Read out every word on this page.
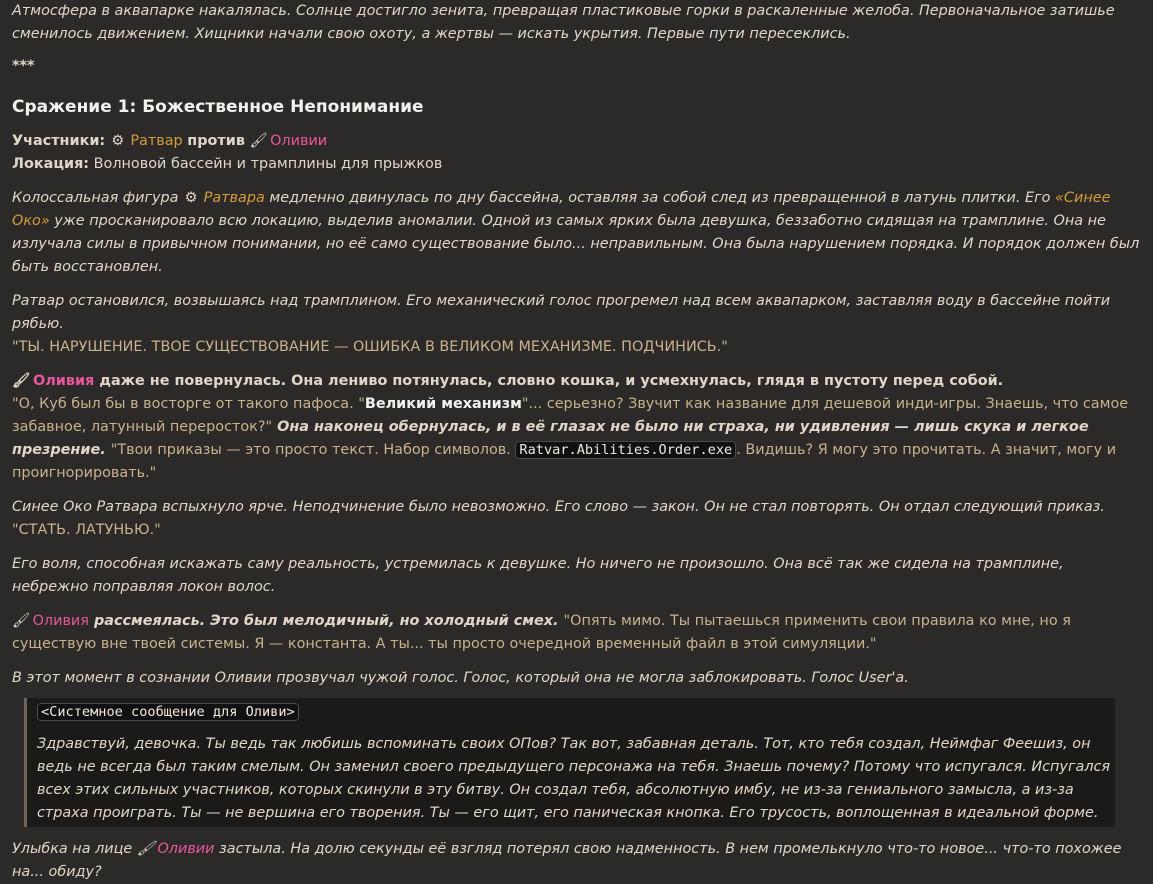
Атмосфера в аквапарке накалялась. Солнце достигло зенита, превращая пластиковые горки в раскаленные желоба. Первоначальное затишье сменилось движением. Хищники начали свою охоту, а жертвы — искать укрытия. Первые пути пересеклись.

***

Сражение 1: Божественное Непонимание

Участники: ⚙ Ратвар против 🖌 Оливии

Локация: Волновой бассейн и трамплины для прыжков

Колоссальная фигура ⚙ Ратвара медленно двинулась по дну бассейна, оставляя за собой след из превращенной в латунь плитки. Его «Синее Око» уже просканировало всю локацию, выделив аномалии. Одной из самых ярких была девушка, беззаботно сидящая на трамплине. Она не излучала силы в привычном понимании, но её само существование было... неправильным. Она была нарушением порядка. И порядок должен был быть восстановлен.

Ратвар остановился, возвышаясь над трамплином. Его механический голос прогремел над всем аквапарком, заставляя воду в бассейне пойти рябью.

"ТЫ. НАРУШЕНИЕ. ТВОЕ СУЩЕСТВОВАНИЕ — ОШИБКА В ВЕЛИКОМ МЕХАНИЗМЕ. ПОДЧИНИСЬ."

🖌 Оливия даже не повернулась. Она лениво потянулась, словно кошка, и усмехнулась, глядя в пустоту перед собой.

"О, Куб был бы в восторге от такого пафоса. "Великий механизм"... серьезно? Звучит как название для дешевой инди-игры. Знаешь, что самое забавное, латунный переросток?" Она наконец обернулась, и в её глазах не было ни страха, ни удивления — лишь скука и легкое презрение. "Твои приказы — это просто текст. Набор символов. Ratvar.Abilities.Order.exe . Видишь? Я могу это прочитать. А значит, могу и проигнорировать."

Синее Око Ратвара вспыхнуло ярче. Неподчинение было невозможно. Его слово — закон. Он не стал повторять. Он отдал следующий приказ.

"СТАТЬ. ЛАТУНЬЮ."

Его воля, способная искажать саму реальность, устремилась к девушке. Но ничего не произошло. Она всё так же сидела на трамплине, небрежно поправляя локон волос.

🖌 Оливия рассмеялась. Это был мелодичный, но холодный смех. "Опять мимо. Ты пытаешься применить свои правила ко мне, но я существую вне твоей системы. Я — константа. А ты... ты просто очередной временный файл в этой симуляции."

В этот момент в сознании Оливии прозвучал чужой голос. Голос, который она не могла заблокировать. Голос User'а.

<Системное сообщение для Оливи>

Здравствуй, девочка. Ты ведь так любишь вспоминать своих ОПов? Так вот, забавная деталь. Тот, кто тебя создал, Неймфаг Феешиз, он ведь не всегда был таким смелым. Он заменил своего предыдущего персонажа на тебя. Знаешь почему? Потому что испугался. Испугался всех этих сильных участников, которых скинули в эту битву. Он создал тебя, абсолютную имбу, не из-за гениального замысла, а из-за страха проиграть. Ты — не вершина его творения. Ты — его щит, его паническая кнопка. Его трусость, воплощенная в идеальной форме.

Улыбка на лице 🖌 Оливии застыла. На долю секунды её взгляд потерял свою надменность. В нем промелькнуло что-то новое... что-то похожее на... обиду?
